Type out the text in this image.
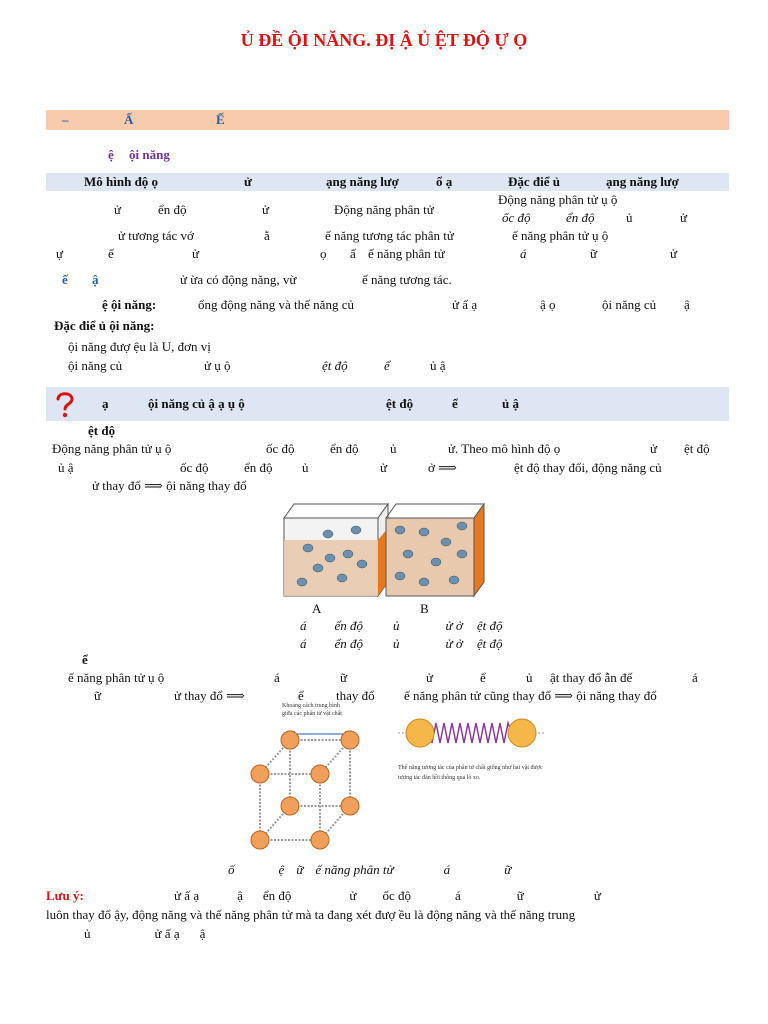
Ủ ĐỀ ỘI NĂNG. ĐỊ Ậ Ủ ỆT ĐỘ Ự Ọ
–	Ấ	Ế
ệ ội năng
Mô hình độ ọ	ử	ạng năng lượ	ổ ạ	Đặc điể ủ	ạng năng lượ
ử	ển độ	ử	Động năng phân tử
Động năng phân tử ụ ộ
ốc độ	ển độ ủ	ử
ử tương tác vớ	ằ	ế năng tương tác phân tử	ế năng phân tử ụ ộ
ự	ế	ử	ọ ấ ế năng phân tử	á	ữ	ử
ế ậ	ử ừa có động năng, vừ	ế năng tương tác.
ệ ội năng:	ổng động năng và thế năng củ	ử ấ ạ	ậ ọ	ội năng củ ậ
Đặc điể ủ ội năng:
ội năng đượ ệu là U, đơn vị
ội năng củ	ử ụ ộ	ệt độ	ể	ủ ậ
ạ	ội năng củ ậ ạ ụ ộ	ệt độ	ể	ủ ậ
ệt độ
Động năng phân tử ụ ộ	ốc độ	ển độ ủ	ử. Theo mô hình độ ọ	ử ệt độ
ủ ậ	ốc độ	ển độ ủ	ử	ở ⟹	ệt độ thay đổi, động năng củ
ử thay đổ ⟹ ội năng thay đổ
A	B
á ển độ ủ	ử ở ệt độ
á ển độ ủ	ử ở ệt độ
ể
ế năng phân tử ụ ộ	á	ữ	ử	ể	ủ ật thay đổ ẫn đế	á
ữ	ử thay đổ ⟹	ể thay đổ ế năng phân tử cũng thay đổ ⟹ ội năng thay đổ
Khoảng cách trung bình
giữa các phân tử vật chất
Thế năng tương tác của phân tử chất giống như hai vật được tương tác đàn hồi thông qua lò xo.
ố	ệ ữ ế năng phân tử	á	ữ
Lưu ý:	ử ấ ạ	ậ ển độ	ử ốc độ	á	ữ	ử
luôn thay đổ ậy, động năng và thế năng phân tử mà ta đang xét đượ ều là động năng và thế năng trung
ủ	ử ấ ạ ậ
